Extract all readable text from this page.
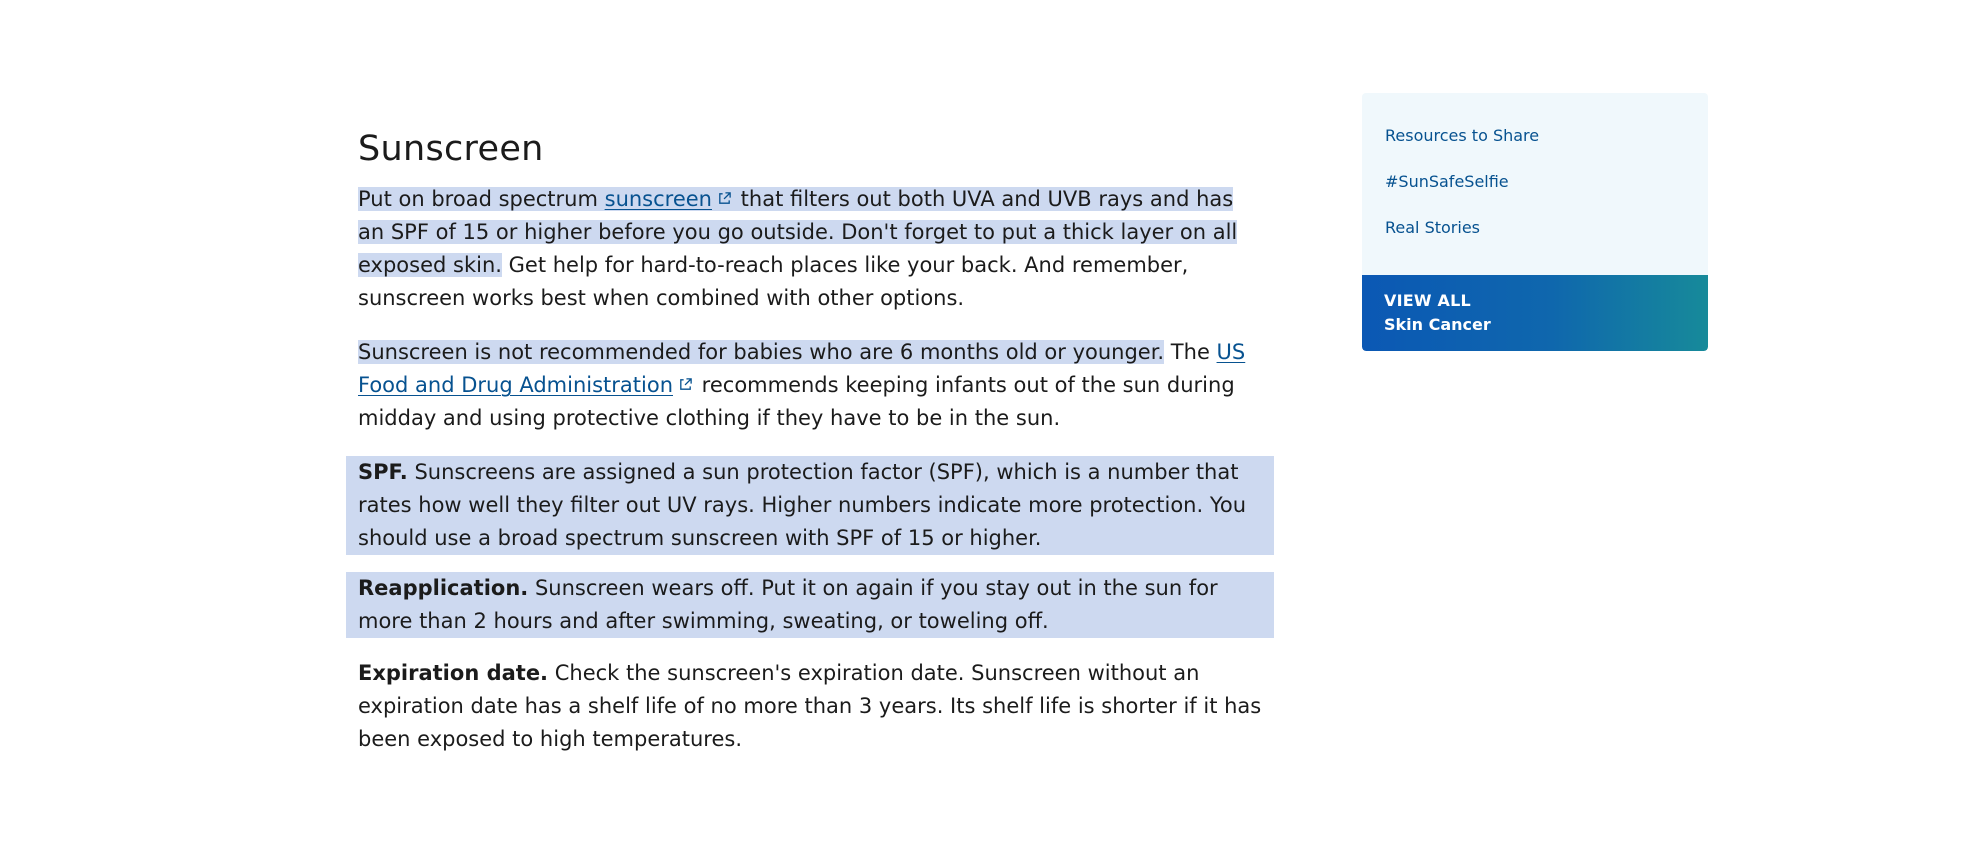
Sunscreen

Put on broad spectrum sunscreen that filters out both UVA and UVB rays and has an SPF of 15 or higher before you go outside. Don't forget to put a thick layer on all exposed skin. Get help for hard-to-reach places like your back. And remember, sunscreen works best when combined with other options.

Sunscreen is not recommended for babies who are 6 months old or younger. The US Food and Drug Administration recommends keeping infants out of the sun during midday and using protective clothing if they have to be in the sun.

SPF. Sunscreens are assigned a sun protection factor (SPF), which is a number that rates how well they filter out UV rays. Higher numbers indicate more protection. You should use a broad spectrum sunscreen with SPF of 15 or higher.

Reapplication. Sunscreen wears off. Put it on again if you stay out in the sun for more than 2 hours and after swimming, sweating, or toweling off.

Expiration date. Check the sunscreen's expiration date. Sunscreen without an expiration date has a shelf life of no more than 3 years. Its shelf life is shorter if it has been exposed to high temperatures.

Resources to Share
#SunSafeSelfie
Real Stories
VIEW ALL
Skin Cancer
